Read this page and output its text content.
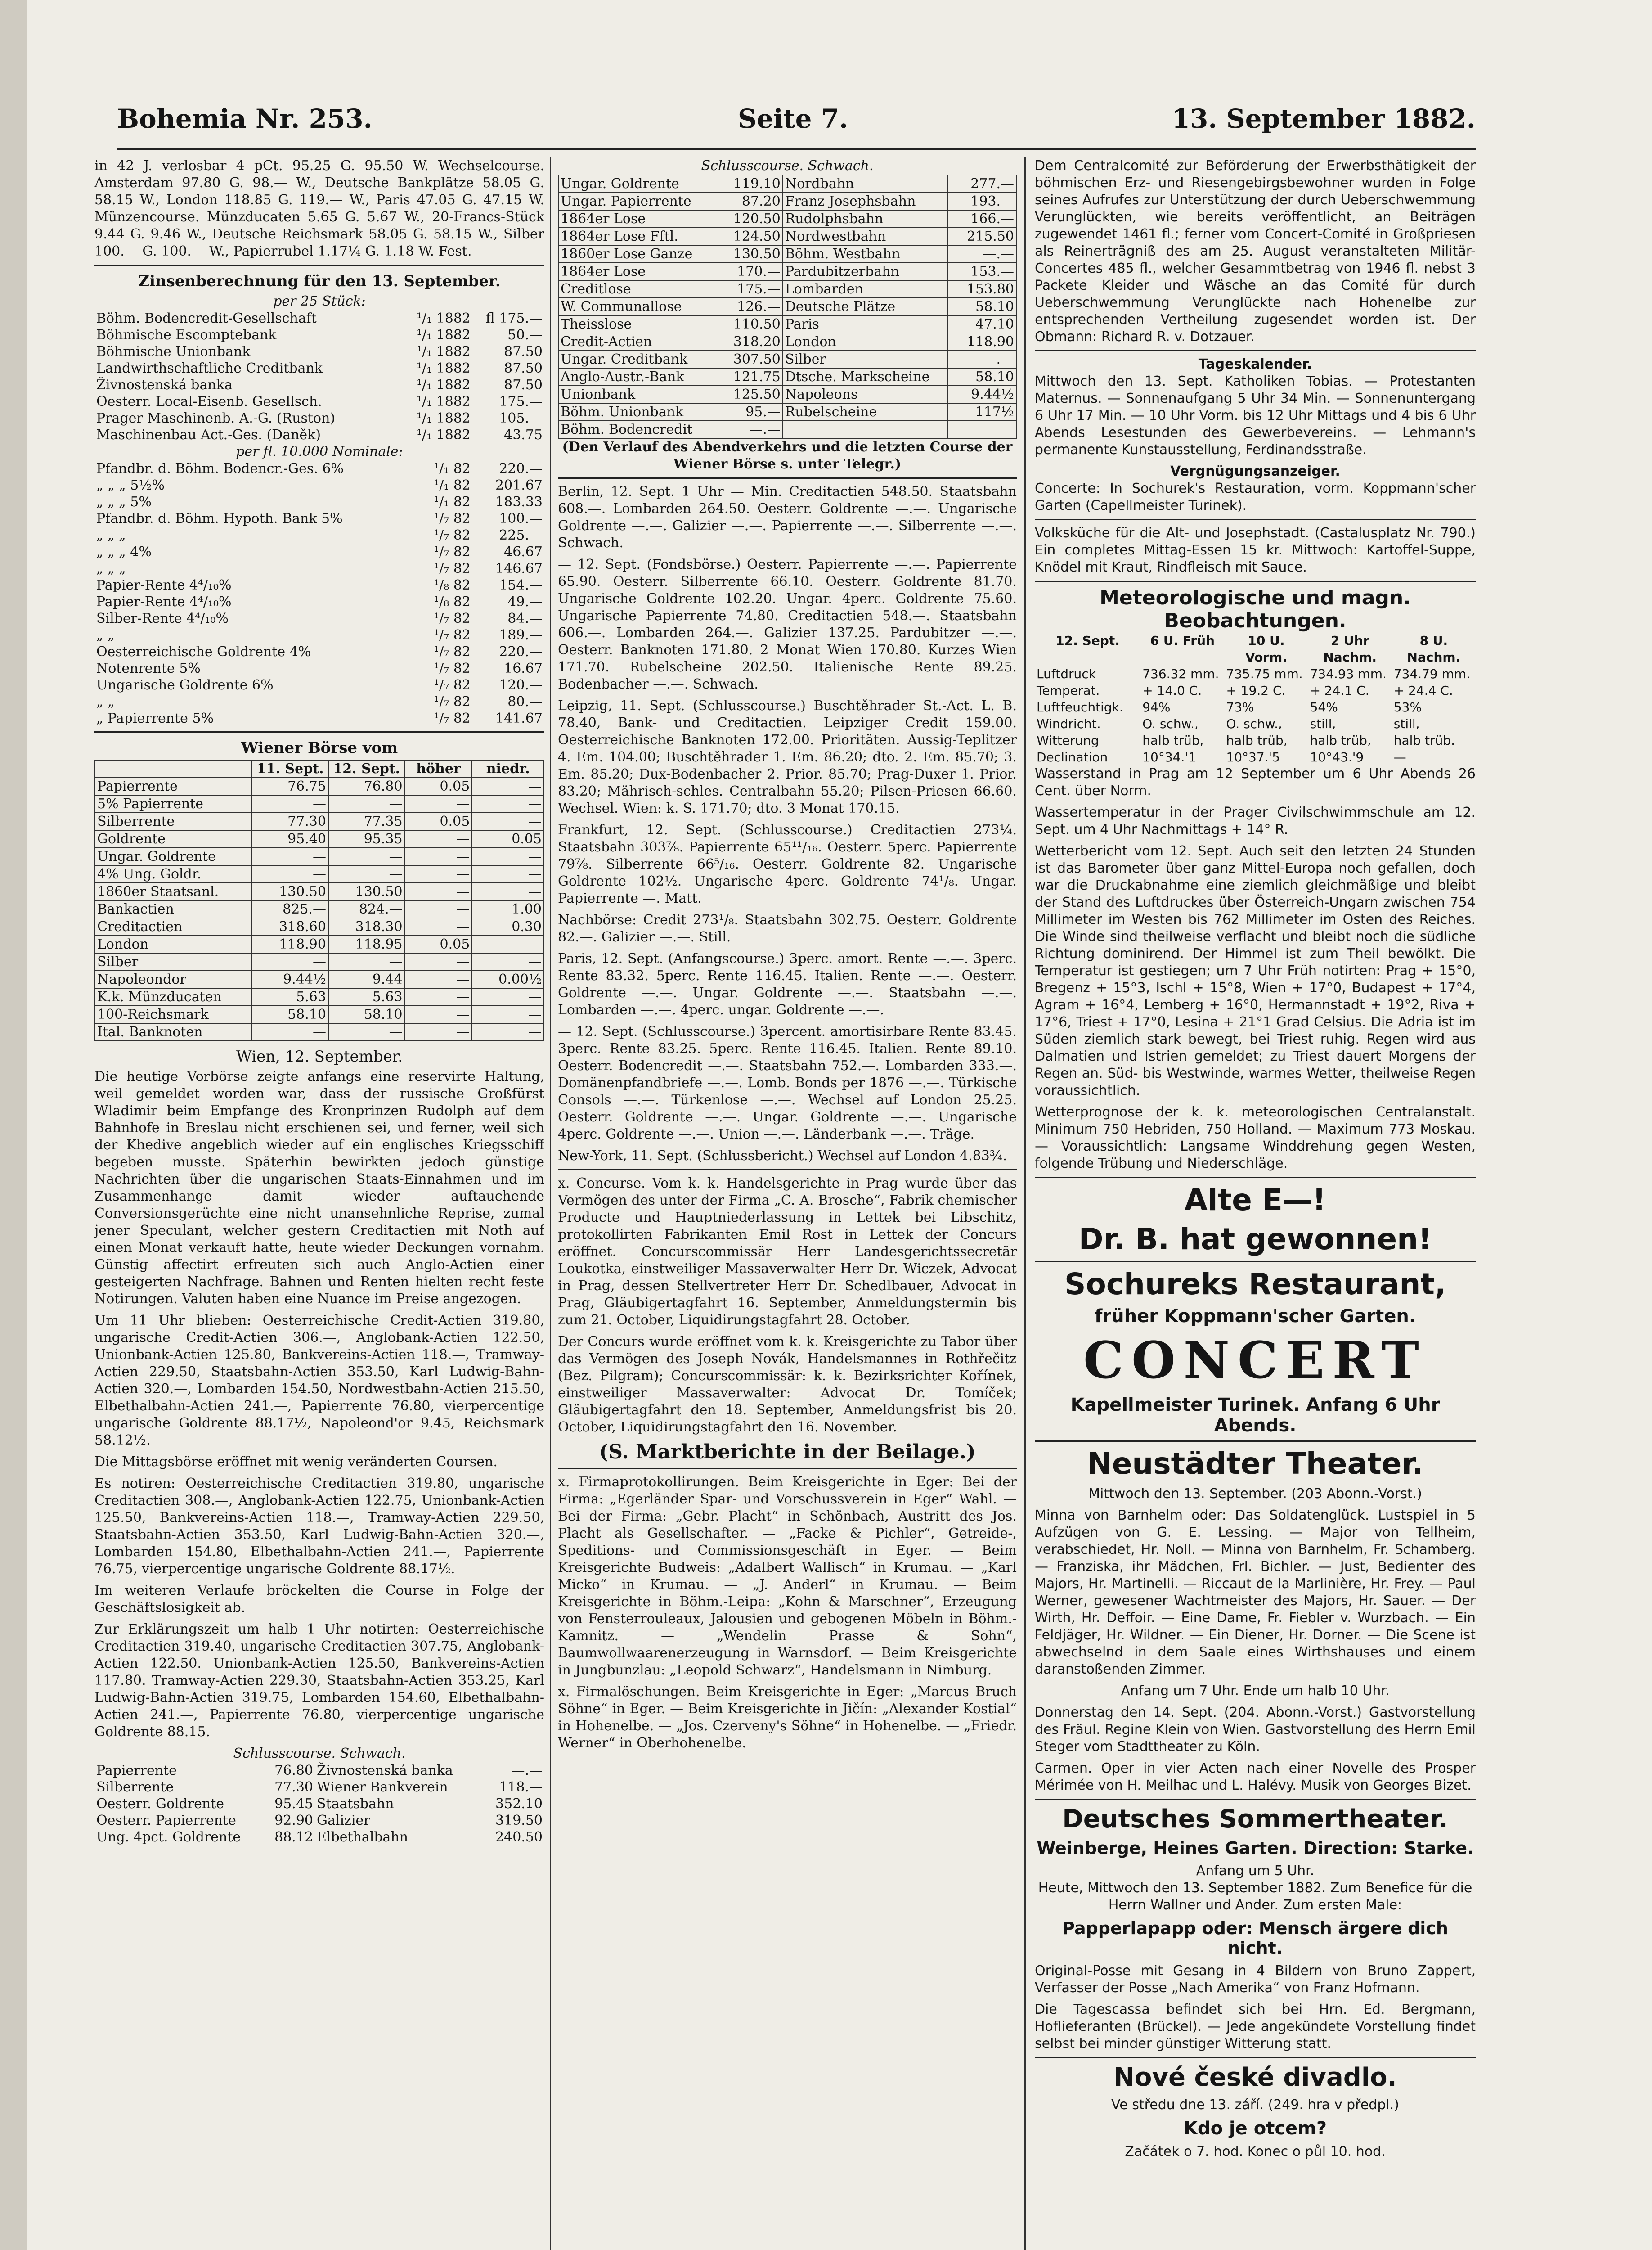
Bohemia Nr. 253.	Seite 7.	13. September 1882.

in 42 J. verlosbar 4 pCt. 95.25 G. 95.50 W. Wechselcourse. Amsterdam 97.80 G. 98.— W., Deutsche Bankplätze 58.05 G. 58.15 W., London 118.85 G. 119.— W., Paris 47.05 G. 47.15 W. Münzencourse. Münzducaten 5.65 G. 5.67 W., 20-Francs-Stück 9.44 G. 9.46 W., Deutsche Reichsmark 58.05 G. 58.15 W., Silber 100.— G. 100.— W., Papierrubel 1.17¼ G. 1.18 W. Fest.

Zinsenberechnung für den 13. September.
per 25 Stück:
Böhm. Bodencredit-Gesellschaft	¹/₁ 1882	fl 175.—
Böhmische Escomptebank	¹/₁ 1882	50.—
Böhmische Unionbank	¹/₁ 1882	87.50
Landwirthschaftliche Creditbank	¹/₁ 1882	87.50
Živnostenská banka	¹/₁ 1882	87.50
Oesterr. Local-Eisenb. Gesellsch.	¹/₁ 1882	175.—
Prager Maschinenb. A.-G. (Ruston)	¹/₁ 1882	105.—
Maschinenbau Act.-Ges. (Daněk)	¹/₁ 1882	43.75
per fl. 10.000 Nominale:
Pfandbr. d. Böhm. Bodencr.-Ges. 6%	¹/₁ 82	220.—
„ „ „ 5½%	¹/₁ 82	201.67
„ „ „ 5%	¹/₁ 82	183.33
Pfandbr. d. Böhm. Hypoth. Bank 5%	¹/₇ 82	100.—
„ „ „	¹/₇ 82	225.—
„ „ „ 4%	¹/₇ 82	46.67
„ „ „	¹/₇ 82	146.67
Papier-Rente 4⁴/₁₀%	¹/₈ 82	154.—
Papier-Rente 4⁴/₁₀%	¹/₈ 82	49.—
Silber-Rente 4⁴/₁₀%	¹/₇ 82	84.—
„ „	¹/₇ 82	189.—
Oesterreichische Goldrente 4%	¹/₇ 82	220.—
Notenrente 5%	¹/₇ 82	16.67
Ungarische Goldrente 6%	¹/₇ 82	120.—
„ „	¹/₇ 82	80.—
„ Papierrente 5%	¹/₇ 82	141.67
Wiener Börse vom
	11. Sept.	12. Sept.	höher	niedr.
Papierrente	76.75	76.80	0.05	—
5% Papierrente	—	—	—	—
Silberrente	77.30	77.35	0.05	—
Goldrente	95.40	95.35	—	0.05
Ungar. Goldrente	—	—	—	—
4% Ung. Goldr.	—	—	—	—
1860er Staatsanl.	130.50	130.50	—	—
Bankactien	825.—	824.—	—	1.00
Creditactien	318.60	318.30	—	0.30
London	118.90	118.95	0.05	—
Silber	—	—	—	—
Napoleondor	9.44½	9.44	—	0.00½
K.k. Münzducaten	5.63	5.63	—	—
100-Reichsmark	58.10	58.10	—	—
Ital. Banknoten	—	—	—	—
Wien, 12. September.

Die heutige Vorbörse zeigte anfangs eine reservirte Haltung, weil gemeldet worden war, dass der russische Großfürst Wladimir beim Empfange des Kronprinzen Rudolph auf dem Bahnhofe in Breslau nicht erschienen sei, und ferner, weil sich der Khedive angeblich wieder auf ein englisches Kriegsschiff begeben musste. Späterhin bewirkten jedoch günstige Nachrichten über die ungarischen Staats-Einnahmen und im Zusammenhange damit wieder auftauchende Conversionsgerüchte eine nicht unansehnliche Reprise, zumal jener Speculant, welcher gestern Creditactien mit Noth auf einen Monat verkauft hatte, heute wieder Deckungen vornahm. Günstig affectirt erfreuten sich auch Anglo-Actien einer gesteigerten Nachfrage. Bahnen und Renten hielten recht feste Notirungen. Valuten haben eine Nuance im Preise angezogen.

Um 11 Uhr blieben: Oesterreichische Credit-Actien 319.80, ungarische Credit-Actien 306.—, Anglobank-Actien 122.50, Unionbank-Actien 125.80, Bankvereins-Actien 118.—, Tramway-Actien 229.50, Staatsbahn-Actien 353.50, Karl Ludwig-Bahn-Actien 320.—, Lombarden 154.50, Nordwestbahn-Actien 215.50, Elbethalbahn-Actien 241.—, Papierrente 76.80, vierpercentige ungarische Goldrente 88.17½, Napoleond'or 9.45, Reichsmark 58.12½.

Die Mittagsbörse eröffnet mit wenig veränderten Coursen.

Es notiren: Oesterreichische Creditactien 319.80, ungarische Creditactien 308.—, Anglobank-Actien 122.75, Unionbank-Actien 125.50, Bankvereins-Actien 118.—, Tramway-Actien 229.50, Staatsbahn-Actien 353.50, Karl Ludwig-Bahn-Actien 320.—, Lombarden 154.80, Elbethalbahn-Actien 241.—, Papierrente 76.75, vierpercentige ungarische Goldrente 88.17½.

Im weiteren Verlaufe bröckelten die Course in Folge der Geschäftslosigkeit ab.

Zur Erklärungszeit um halb 1 Uhr notirten: Oesterreichische Creditactien 319.40, ungarische Creditactien 307.75, Anglobank-Actien 122.50. Unionbank-Actien 125.50, Bankvereins-Actien 117.80. Tramway-Actien 229.30, Staatsbahn-Actien 353.25, Karl Ludwig-Bahn-Actien 319.75, Lombarden 154.60, Elbethalbahn-Actien 241.—, Papierrente 76.80, vierpercentige ungarische Goldrente 88.15.

Schlusscourse. Schwach.
Papierrente	76.80	Živnostenská banka	—.—
Silberrente	77.30	Wiener Bankverein	118.—
Oesterr. Goldrente	95.45	Staatsbahn	352.10
Oesterr. Papierrente	92.90	Galizier	319.50
Ung. 4pct. Goldrente	88.12	Elbethalbahn	240.50
Schlusscourse. Schwach.
Ungar. Goldrente	119.10	Nordbahn	277.—
Ungar. Papierrente	87.20	Franz Josephsbahn	193.—
1864er Lose	120.50	Rudolphsbahn	166.—
1864er Lose Fftl.	124.50	Nordwestbahn	215.50
1860er Lose Ganze	130.50	Böhm. Westbahn	—.—
1864er Lose	170.—	Pardubitzerbahn	153.—
Creditlose	175.—	Lombarden	153.80
W. Communallose	126.—	Deutsche Plätze	58.10
Theisslose	110.50	Paris	47.10
Credit-Actien	318.20	London	118.90
Ungar. Creditbank	307.50	Silber	—.—
Anglo-Austr.-Bank	121.75	Dtsche. Markscheine	58.10
Unionbank	125.50	Napoleons	9.44½
Böhm. Unionbank	95.—	Rubelscheine	117½
Böhm. Bodencredit	—.—		

(Den Verlauf des Abendverkehrs und die letzten Course der Wiener Börse s. unter Telegr.)

Berlin, 12. Sept. 1 Uhr — Min. Creditactien 548.50. Staatsbahn 608.—. Lombarden 264.50. Oesterr. Goldrente —.—. Ungarische Goldrente —.—. Galizier —.—. Papierrente —.—. Silberrente —.—. Schwach.

— 12. Sept. (Fondsbörse.) Oesterr. Papierrente —.—. Papierrente 65.90. Oesterr. Silberrente 66.10. Oesterr. Goldrente 81.70. Ungarische Goldrente 102.20. Ungar. 4perc. Goldrente 75.60. Ungarische Papierrente 74.80. Creditactien 548.—. Staatsbahn 606.—. Lombarden 264.—. Galizier 137.25. Pardubitzer —.—. Oesterr. Banknoten 171.80. 2 Monat Wien 170.80. Kurzes Wien 171.70. Rubelscheine 202.50. Italienische Rente 89.25. Bodenbacher —.—. Schwach.

Leipzig, 11. Sept. (Schlusscourse.) Buschtěhrader St.-Act. L. B. 78.40, Bank- und Creditactien. Leipziger Credit 159.00. Oesterreichische Banknoten 172.00. Prioritäten. Aussig-Teplitzer 4. Em. 104.00; Buschtěhrader 1. Em. 86.20; dto. 2. Em. 85.70; 3. Em. 85.20; Dux-Bodenbacher 2. Prior. 85.70; Prag-Duxer 1. Prior. 83.20; Mährisch-schles. Centralbahn 55.20; Pilsen-Priesen 66.60. Wechsel. Wien: k. S. 171.70; dto. 3 Monat 170.15.

Frankfurt, 12. Sept. (Schlusscourse.) Creditactien 273¼. Staatsbahn 303⅞. Papierrente 65¹¹/₁₆. Oesterr. 5perc. Papierrente 79⅞. Silberrente 66⁵/₁₆. Oesterr. Goldrente 82. Ungarische Goldrente 102½. Ungarische 4perc. Goldrente 74¹/₈. Ungar. Papierrente —. Matt.

Nachbörse: Credit 273¹/₈. Staatsbahn 302.75. Oesterr. Goldrente 82.—. Galizier —.—. Still.

Paris, 12. Sept. (Anfangscourse.) 3perc. amort. Rente —.—. 3perc. Rente 83.32. 5perc. Rente 116.45. Italien. Rente —.—. Oesterr. Goldrente —.—. Ungar. Goldrente —.—. Staatsbahn —.—. Lombarden —.—. 4perc. ungar. Goldrente —.—.

— 12. Sept. (Schlusscourse.) 3percent. amortisirbare Rente 83.45. 3perc. Rente 83.25. 5perc. Rente 116.45. Italien. Rente 89.10. Oesterr. Bodencredit —.—. Staatsbahn 752.—. Lombarden 333.—. Domänenpfandbriefe —.—. Lomb. Bonds per 1876 —.—. Türkische Consols —.—. Türkenlose —.—. Wechsel auf London 25.25. Oesterr. Goldrente —.—. Ungar. Goldrente —.—. Ungarische 4perc. Goldrente —.—. Union —.—. Länderbank —.—. Träge.

New-York, 11. Sept. (Schlussbericht.) Wechsel auf London 4.83¾.

x. Concurse. Vom k. k. Handelsgerichte in Prag wurde über das Vermögen des unter der Firma „C. A. Brosche“, Fabrik chemischer Producte und Hauptniederlassung in Lettek bei Libschitz, protokollirten Fabrikanten Emil Rost in Lettek der Concurs eröffnet. Concurscommissär Herr Landesgerichtssecretär Loukotka, einstweiliger Massaverwalter Herr Dr. Wiczek, Advocat in Prag, dessen Stellvertreter Herr Dr. Schedlbauer, Advocat in Prag, Gläubigertagfahrt 16. September, Anmeldungstermin bis zum 21. October, Liquidirungstagfahrt 28. October.

Der Concurs wurde eröffnet vom k. k. Kreisgerichte zu Tabor über das Vermögen des Joseph Novák, Handelsmannes in Rothřečitz (Bez. Pilgram); Concurscommissär: k. k. Bezirksrichter Kořínek, einstweiliger Massaverwalter: Advocat Dr. Tomíček; Gläubigertagfahrt den 18. September, Anmeldungsfrist bis 20. October, Liquidirungstagfahrt den 16. November.

(S. Marktberichte in der Beilage.)

x. Firmaprotokollirungen. Beim Kreisgerichte in Eger: Bei der Firma: „Egerländer Spar- und Vorschussverein in Eger“ Wahl. — Bei der Firma: „Gebr. Placht“ in Schönbach, Austritt des Jos. Placht als Gesellschafter. — „Facke & Pichler“, Getreide-, Speditions- und Commissionsgeschäft in Eger. — Beim Kreisgerichte Budweis: „Adalbert Wallisch“ in Krumau. — „Karl Micko“ in Krumau. — „J. Anderl“ in Krumau. — Beim Kreisgerichte in Böhm.-Leipa: „Kohn & Marschner“, Erzeugung von Fensterrouleaux, Jalousien und gebogenen Möbeln in Böhm.-Kamnitz. — „Wendelin Prasse & Sohn“, Baumwollwaarenerzeugung in Warnsdorf. — Beim Kreisgerichte in Jungbunzlau: „Leopold Schwarz“, Handelsmann in Nimburg.

x. Firmalöschungen. Beim Kreisgerichte in Eger: „Marcus Bruch Söhne“ in Eger. — Beim Kreisgerichte in Jičín: „Alexander Kostial“ in Hohenelbe. — „Jos. Czerveny's Söhne“ in Hohenelbe. — „Friedr. Werner“ in Oberhohenelbe.

Dem Centralcomité zur Beförderung der Erwerbsthätigkeit der böhmischen Erz- und Riesengebirgsbewohner wurden in Folge seines Aufrufes zur Unterstützung der durch Ueberschwemmung Verunglückten, wie bereits veröffentlicht, an Beiträgen zugewendet 1461 fl.; ferner vom Concert-Comité in Großpriesen als Reinerträgniß des am 25. August veranstalteten Militär-Concertes 485 fl., welcher Gesammtbetrag von 1946 fl. nebst 3 Packete Kleider und Wäsche an das Comité für durch Ueberschwemmung Verunglückte nach Hohenelbe zur entsprechenden Vertheilung zugesendet worden ist. Der Obmann: Richard R. v. Dotzauer.

Tageskalender.

Mittwoch den 13. Sept. Katholiken Tobias. — Protestanten Maternus. — Sonnenaufgang 5 Uhr 34 Min. — Sonnenuntergang 6 Uhr 17 Min. — 10 Uhr Vorm. bis 12 Uhr Mittags und 4 bis 6 Uhr Abends Lesestunden des Gewerbevereins. — Lehmann's permanente Kunstausstellung, Ferdinandsstraße.

Vergnügungsanzeiger.

Concerte: In Sochurek's Restauration, vorm. Koppmann'scher Garten (Capellmeister Turinek).

Volksküche für die Alt- und Josephstadt. (Castalusplatz Nr. 790.) Ein completes Mittag-Essen 15 kr. Mittwoch: Kartoffel-Suppe, Knödel mit Kraut, Rindfleisch mit Sauce.

Meteorologische und magn. Beobachtungen.
12. Sept.	6 U. Früh	10 U. Vorm.	2 Uhr Nachm.	8 U. Nachm.
Luftdruck	736.32 mm.	735.75 mm.	734.93 mm.	734.79 mm.
Temperat.	+ 14.0 C.	+ 19.2 C.	+ 24.1 C.	+ 24.4 C.
Luftfeuchtigk.	94%	73%	54%	53%
Windricht.	O. schw.,	O. schw.,	still,	still,
Witterung	halb trüb,	halb trüb,	halb trüb,	halb trüb.
Declination	10°34.'1	10°37.'5	10°43.'9	—

Wasserstand in Prag am 12 September um 6 Uhr Abends 26 Cent. über Norm.

Wassertemperatur in der Prager Civilschwimmschule am 12. Sept. um 4 Uhr Nachmittags + 14° R.

Wetterbericht vom 12. Sept. Auch seit den letzten 24 Stunden ist das Barometer über ganz Mittel-Europa noch gefallen, doch war die Druckabnahme eine ziemlich gleichmäßige und bleibt der Stand des Luftdruckes über Österreich-Ungarn zwischen 754 Millimeter im Westen bis 762 Millimeter im Osten des Reiches. Die Winde sind theilweise verflacht und bleibt noch die südliche Richtung dominirend. Der Himmel ist zum Theil bewölkt. Die Temperatur ist gestiegen; um 7 Uhr Früh notirten: Prag + 15°0, Bregenz + 15°3, Ischl + 15°8, Wien + 17°0, Budapest + 17°4, Agram + 16°4, Lemberg + 16°0, Hermannstadt + 19°2, Riva + 17°6, Triest + 17°0, Lesina + 21°1 Grad Celsius. Die Adria ist im Süden ziemlich stark bewegt, bei Triest ruhig. Regen wird aus Dalmatien und Istrien gemeldet; zu Triest dauert Morgens der Regen an. Süd- bis Westwinde, warmes Wetter, theilweise Regen voraussichtlich.

Wetterprognose der k. k. meteorologischen Centralanstalt. Minimum 750 Hebriden, 750 Holland. — Maximum 773 Moskau. — Voraussichtlich: Langsame Winddrehung gegen Westen, folgende Trübung und Niederschläge.

Alte E—!
Dr. B. hat gewonnen!
Sochureks Restaurant,
früher Koppmann'scher Garten.
CONCERT
Kapellmeister Turinek. Anfang 6 Uhr Abends.
Neustädter Theater.

Mittwoch den 13. September. (203 Abonn.-Vorst.)

Minna von Barnhelm oder: Das Soldatenglück. Lustspiel in 5 Aufzügen von G. E. Lessing. — Major von Tellheim, verabschiedet, Hr. Noll. — Minna von Barnhelm, Fr. Schamberg. — Franziska, ihr Mädchen, Frl. Bichler. — Just, Bedienter des Majors, Hr. Martinelli. — Riccaut de la Marlinière, Hr. Frey. — Paul Werner, gewesener Wachtmeister des Majors, Hr. Sauer. — Der Wirth, Hr. Deffoir. — Eine Dame, Fr. Fiebler v. Wurzbach. — Ein Feldjäger, Hr. Wildner. — Ein Diener, Hr. Dorner. — Die Scene ist abwechselnd in dem Saale eines Wirthshauses und einem daranstoßenden Zimmer.

Anfang um 7 Uhr. Ende um halb 10 Uhr.

Donnerstag den 14. Sept. (204. Abonn.-Vorst.) Gastvorstellung des Fräul. Regine Klein von Wien. Gastvorstellung des Herrn Emil Steger vom Stadttheater zu Köln.

Carmen. Oper in vier Acten nach einer Novelle des Prosper Mérimée von H. Meilhac und L. Halévy. Musik von Georges Bizet.

Deutsches Sommertheater.
Weinberge, Heines Garten. Direction: Starke.
Anfang um 5 Uhr.

Heute, Mittwoch den 13. September 1882. Zum Benefice für die Herrn Wallner und Ander. Zum ersten Male:

Papperlapapp oder: Mensch ärgere dich nicht.

Original-Posse mit Gesang in 4 Bildern von Bruno Zappert, Verfasser der Posse „Nach Amerika“ von Franz Hofmann.

Die Tagescassa befindet sich bei Hrn. Ed. Bergmann, Hoflieferanten (Brückel). — Jede angekündete Vorstellung findet selbst bei minder günstiger Witterung statt.

Nové české divadlo.

Ve středu dne 13. září. (249. hra v předpl.)

Kdo je otcem?

Začátek o 7. hod. Konec o půl 10. hod.
